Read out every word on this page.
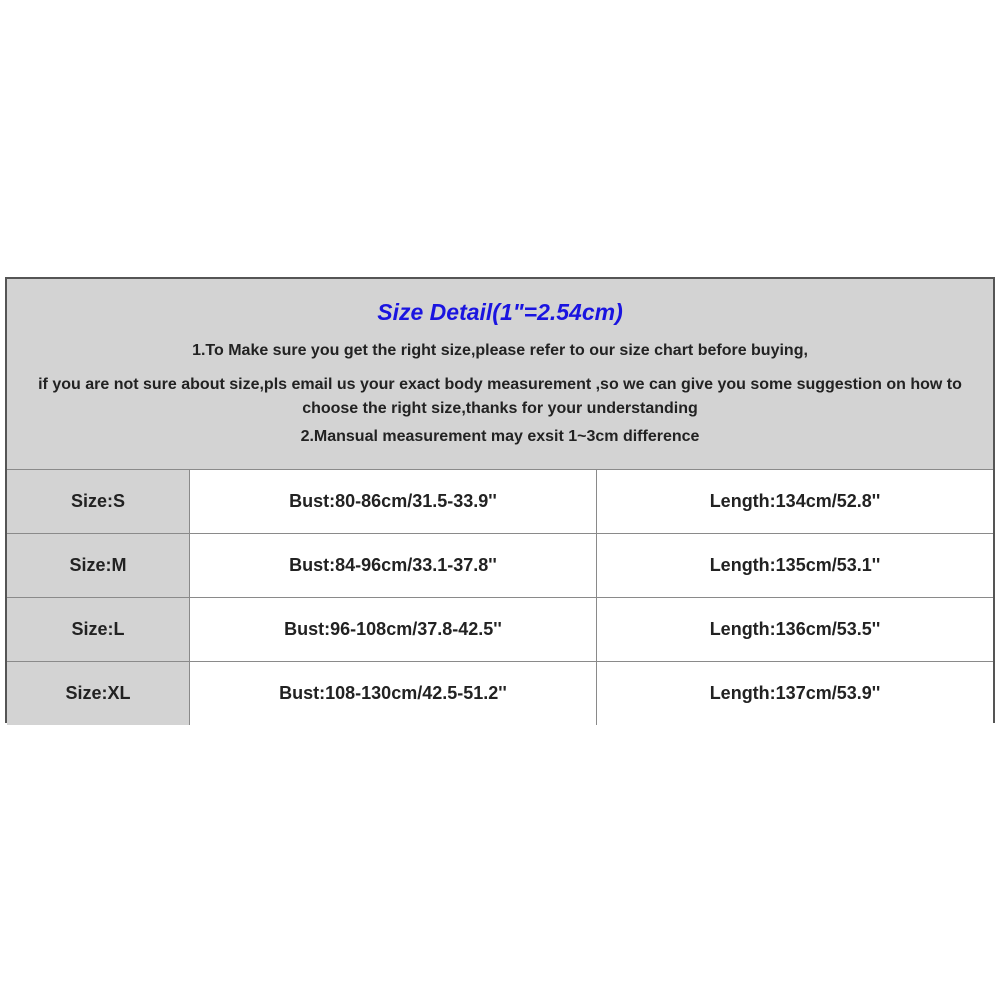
Size Detail(1"=2.54cm)
1.To Make sure you get the right size,please refer to our size chart before buying,
if you are not sure about size,pls email us your exact body measurement ,so we can give you some suggestion on how to choose the right size,thanks for your understanding
2.Mansual measurement may exsit 1~3cm difference
Size:S	Bust:80-86cm/31.5-33.9''	Length:134cm/52.8''
Size:M	Bust:84-96cm/33.1-37.8''	Length:135cm/53.1''
Size:L	Bust:96-108cm/37.8-42.5''	Length:136cm/53.5''
Size:XL	Bust:108-130cm/42.5-51.2''	Length:137cm/53.9''
